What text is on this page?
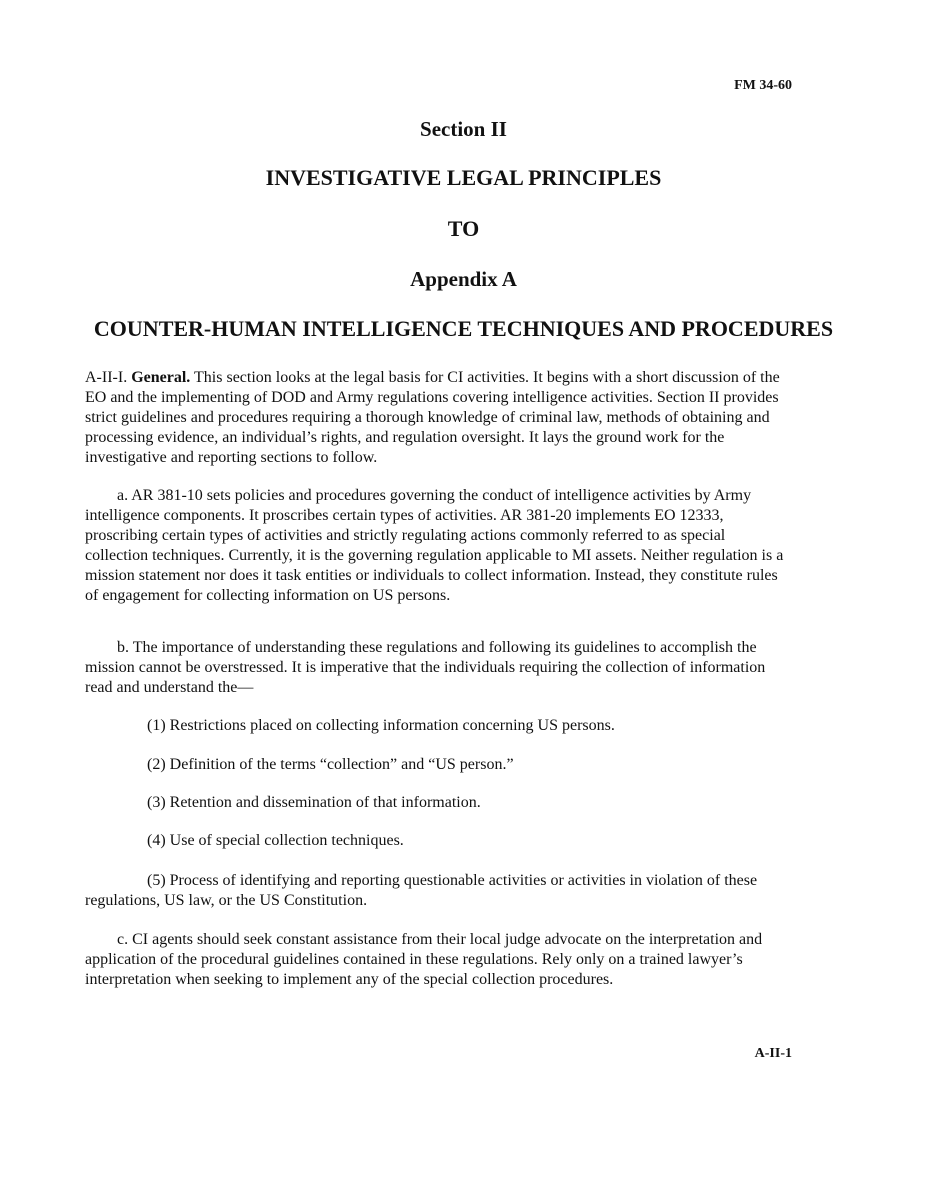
FM 34-60
Section II
INVESTIGATIVE LEGAL PRINCIPLES
TO
Appendix A
COUNTER-HUMAN INTELLIGENCE TECHNIQUES AND PROCEDURES

A-II-I. General. This section looks at the legal basis for CI activities. It begins with a short discussion of the EO and the implementing of DOD and Army regulations covering intelligence activities. Section II provides strict guidelines and procedures requiring a thorough knowledge of criminal law, methods of obtaining and processing evidence, an individual’s rights, and regulation oversight. It lays the ground work for the investigative and reporting sections to follow.

a. AR 381-10 sets policies and procedures governing the conduct of intelligence activities by Army intelligence components. It proscribes certain types of activities. AR 381-20 implements EO 12333, proscribing certain types of activities and strictly regulating actions commonly referred to as special collection techniques. Currently, it is the governing regulation applicable to MI assets. Neither regulation is a mission statement nor does it task entities or individuals to collect information. Instead, they constitute rules of engagement for collecting information on US persons.

b. The importance of understanding these regulations and following its guidelines to accomplish the mission cannot be overstressed. It is imperative that the individuals requiring the collection of information read and understand the—

(1) Restrictions placed on collecting information concerning US persons.

(2) Definition of the terms “collection” and “US person.”

(3) Retention and dissemination of that information.

(4) Use of special collection techniques.

(5) Process of identifying and reporting questionable activities or activities in violation of these regulations, US law, or the US Constitution.

c. CI agents should seek constant assistance from their local judge advocate on the interpretation and application of the procedural guidelines contained in these regulations. Rely only on a trained lawyer’s interpretation when seeking to implement any of the special collection procedures.

A-II-1
